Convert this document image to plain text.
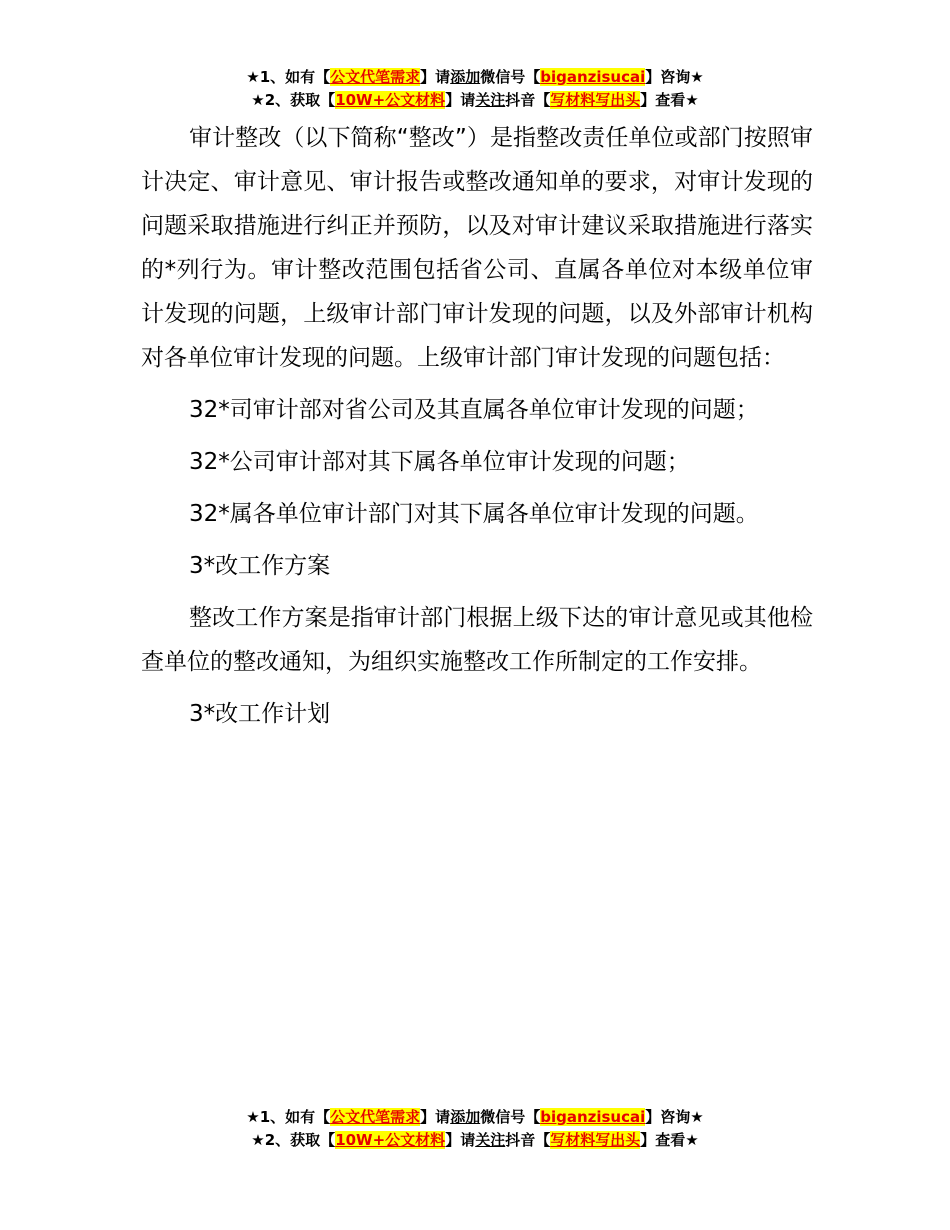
★1、如有【公文代笔需求】请添加微信号【biganzisucai】咨询★
★2、获取【10W+公文材料】请关注抖音【写材料写出头】查看★

审计整改（以下简称“整改”）是指整改责任单位或部门按照审计决定、审计意见、审计报告或整改通知单的要求，对审计发现的问题采取措施进行纠正并预防，以及对审计建议采取措施进行落实的*列行为。审计整改范围包括省公司、直属各单位对本级单位审计发现的问题，上级审计部门审计发现的问题，以及外部审计机构对各单位审计发现的问题。上级审计部门审计发现的问题包括：

32*司审计部对省公司及其直属各单位审计发现的问题；

32*公司审计部对其下属各单位审计发现的问题；

32*属各单位审计部门对其下属各单位审计发现的问题。

3*改工作方案

整改工作方案是指审计部门根据上级下达的审计意见或其他检查单位的整改通知，为组织实施整改工作所制定的工作安排。

3*改工作计划

★1、如有【公文代笔需求】请添加微信号【biganzisucai】咨询★
★2、获取【10W+公文材料】请关注抖音【写材料写出头】查看★
